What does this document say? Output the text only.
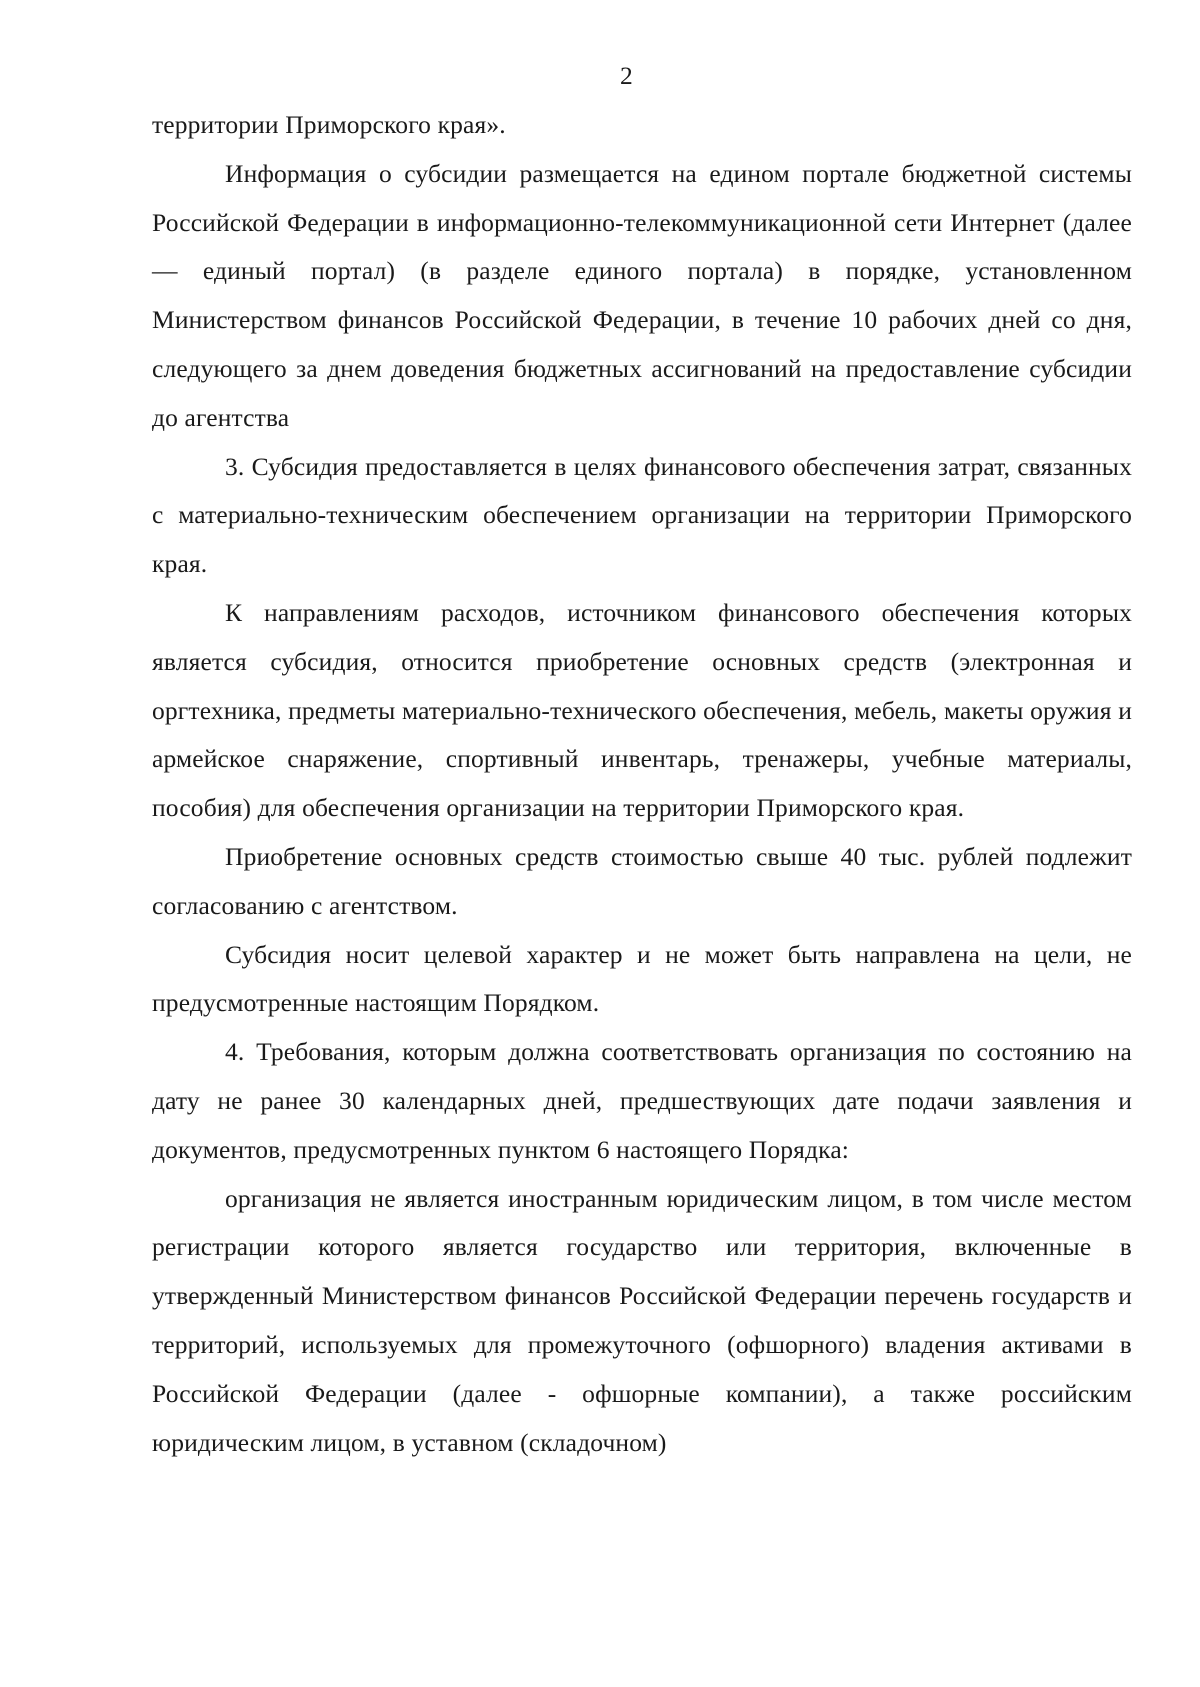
2

территории Приморского края».

Информация о субсидии размещается на едином портале бюджетной системы Российской Федерации в информационно-телекоммуникационной сети Интернет (далее — единый портал) (в разделе единого портала) в порядке, установленном Министерством финансов Российской Федерации, в течение 10 рабочих дней со дня, следующего за днем доведения бюджетных ассигнований на предоставление субсидии до агентства

3. Субсидия предоставляется в целях финансового обеспечения затрат, связанных с материально-техническим обеспечением организации на территории Приморского края.

К направлениям расходов, источником финансового обеспечения которых является субсидия, относится приобретение основных средств (электронная и оргтехника, предметы материально-технического обеспечения, мебель, макеты оружия и армейское снаряжение, спортивный инвентарь, тренажеры, учебные материалы, пособия) для обеспечения организации на территории Приморского края.

Приобретение основных средств стоимостью свыше 40 тыс. рублей подлежит согласованию с агентством.

Субсидия носит целевой характер и не может быть направлена на цели, не предусмотренные настоящим Порядком.

4. Требования, которым должна соответствовать организация по состоянию на дату не ранее 30 календарных дней, предшествующих дате подачи заявления и документов, предусмотренных пунктом 6 настоящего Порядка:

организация не является иностранным юридическим лицом, в том числе местом регистрации которого является государство или территория, включенные в утвержденный Министерством финансов Российской Федерации перечень государств и территорий, используемых для промежуточного (офшорного) владения активами в Российской Федерации (далее - офшорные компании), а также российским юридическим лицом, в уставном (складочном)
